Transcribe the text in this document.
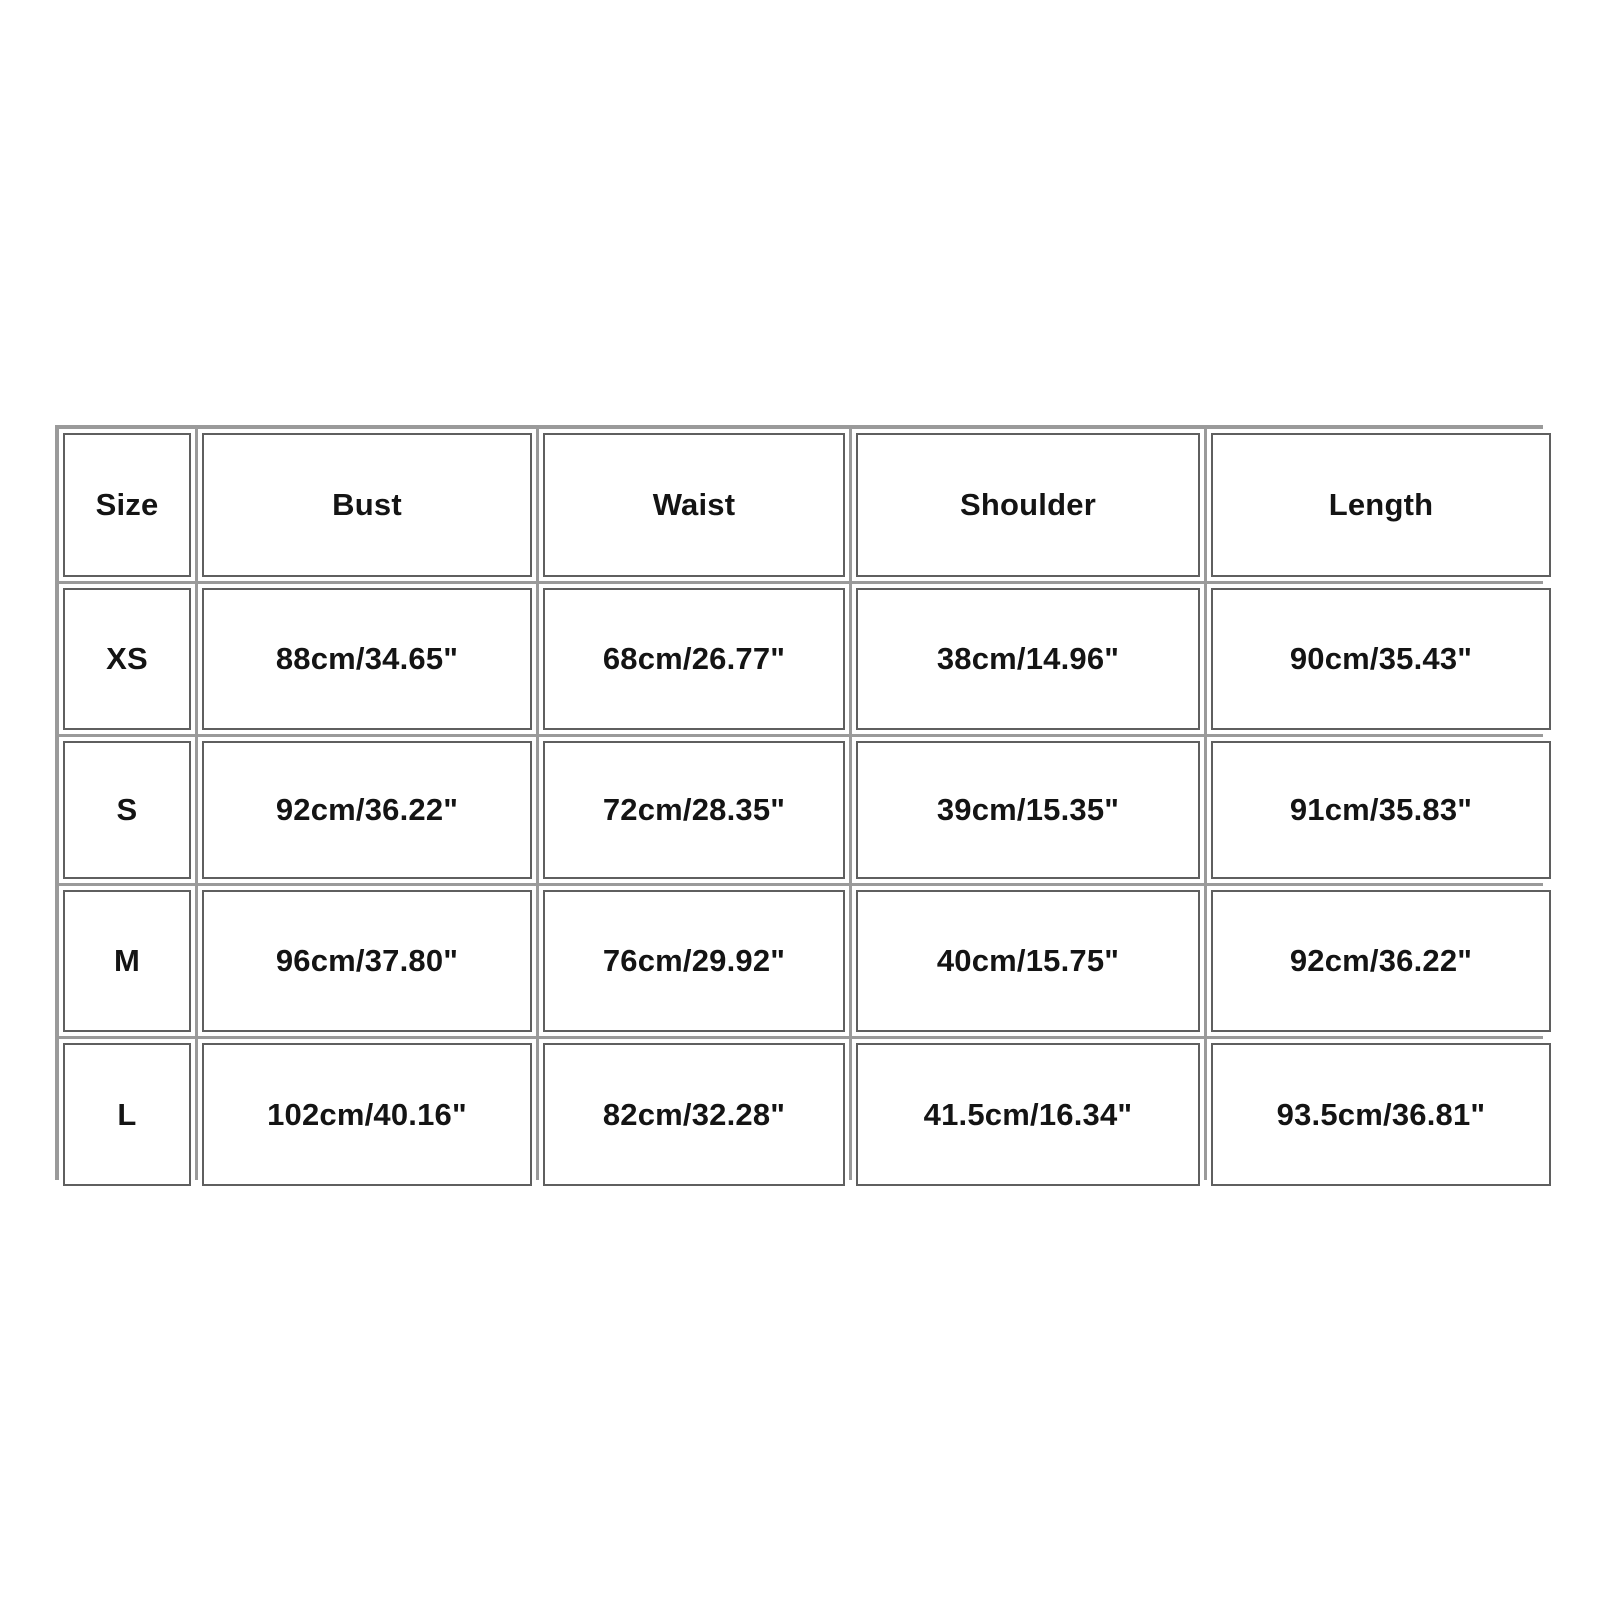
Size	Bust	Waist	Shoulder	Length
XS	88cm/34.65"	68cm/26.77"	38cm/14.96"	90cm/35.43"
S	92cm/36.22"	72cm/28.35"	39cm/15.35"	91cm/35.83"
M	96cm/37.80"	76cm/29.92"	40cm/15.75"	92cm/36.22"
L	102cm/40.16"	82cm/32.28"	41.5cm/16.34"	93.5cm/36.81"
